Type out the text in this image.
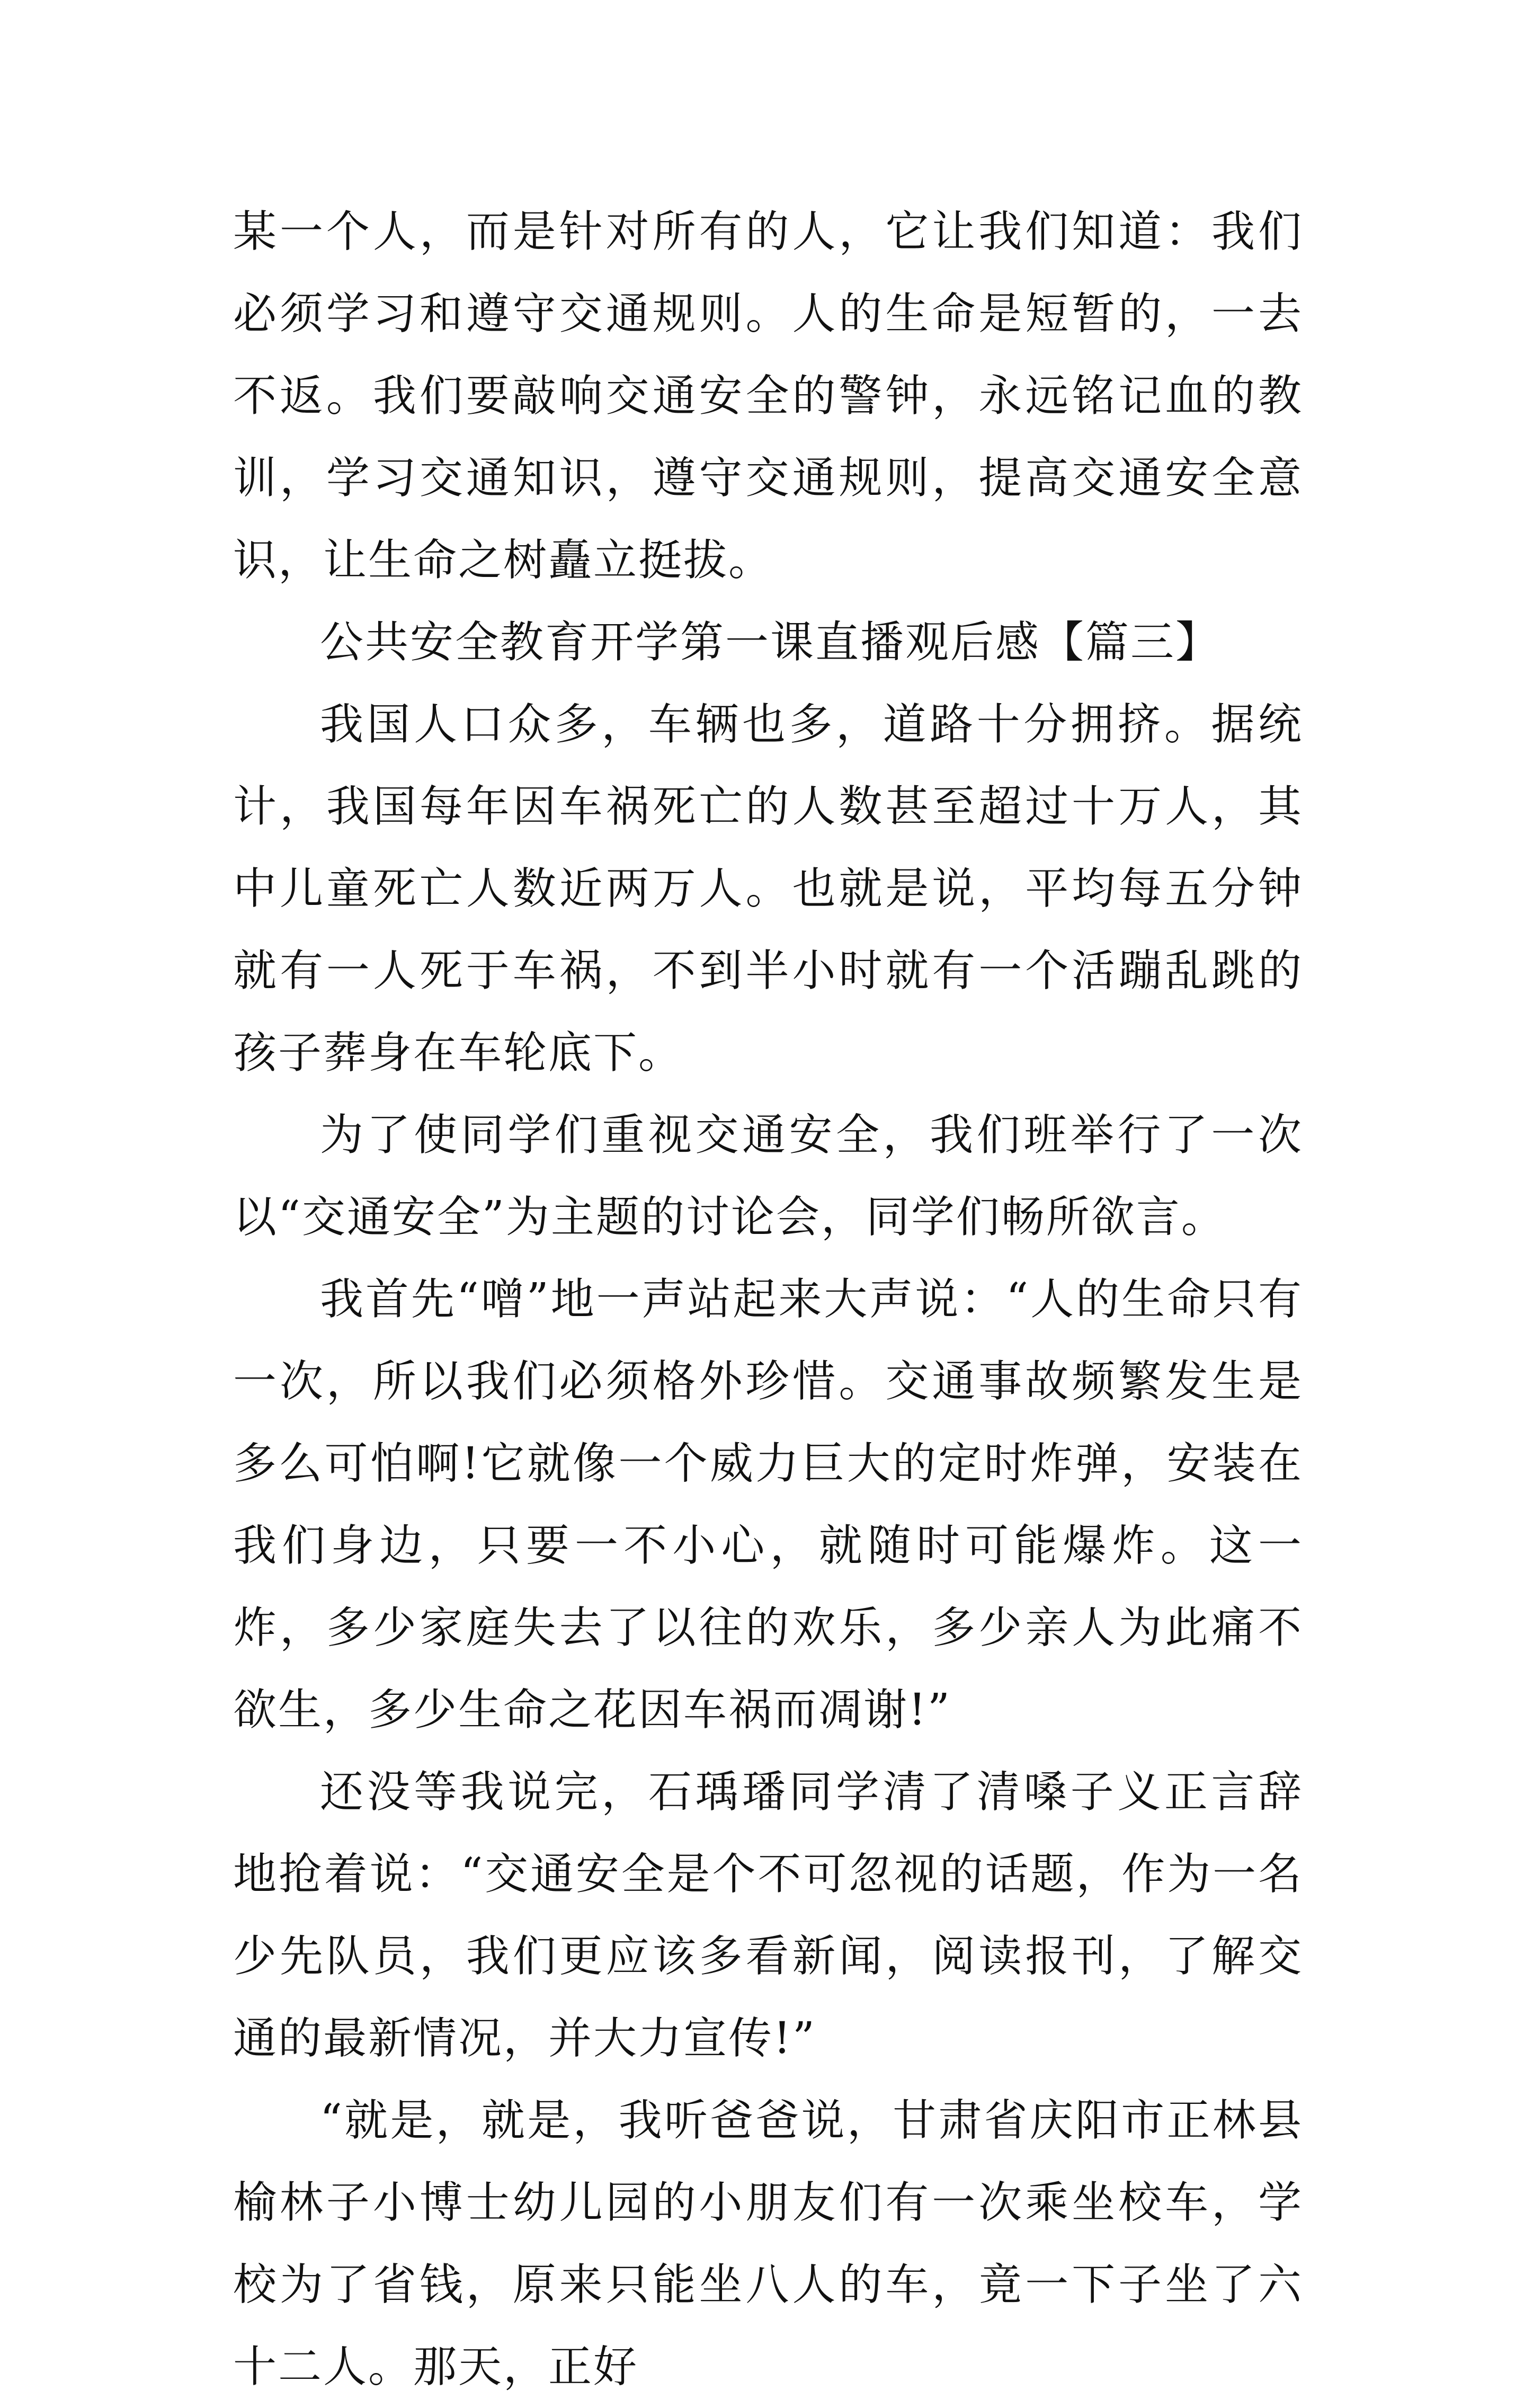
某一个人，而是针对所有的人，它让我们知道：我们必须学习和遵守交通规则。人的生命是短暂的，一去不返。我们要敲响交通安全的警钟，永远铭记血的教训，学习交通知识，遵守交通规则，提高交通安全意识，让生命之树矗立挺拔。

公共安全教育开学第一课直播观后感【篇三】

我国人口众多，车辆也多，道路十分拥挤。据统计，我国每年因车祸死亡的人数甚至超过十万人，其中儿童死亡人数近两万人。也就是说，平均每五分钟就有一人死于车祸，不到半小时就有一个活蹦乱跳的孩子葬身在车轮底下。

为了使同学们重视交通安全，我们班举行了一次以“交通安全”为主题的讨论会，同学们畅所欲言。

我首先“噌”地一声站起来大声说：“人的生命只有一次，所以我们必须格外珍惜。交通事故频繁发生是多么可怕啊!它就像一个威力巨大的定时炸弹，安装在我们身边，只要一不小心，就随时可能爆炸。这一炸，多少家庭失去了以往的欢乐，多少亲人为此痛不欲生，多少生命之花因车祸而凋谢!”

还没等我说完，石瑀璠同学清了清嗓子义正言辞地抢着说：“交通安全是个不可忽视的话题，作为一名少先队员，我们更应该多看新闻，阅读报刊，了解交通的最新情况，并大力宣传!”

“就是，就是，我听爸爸说，甘肃省庆阳市正林县榆林子小博士幼儿园的小朋友们有一次乘坐校车，学校为了省钱，原来只能坐八人的车，竟一下子坐了六十二人。那天，正好
